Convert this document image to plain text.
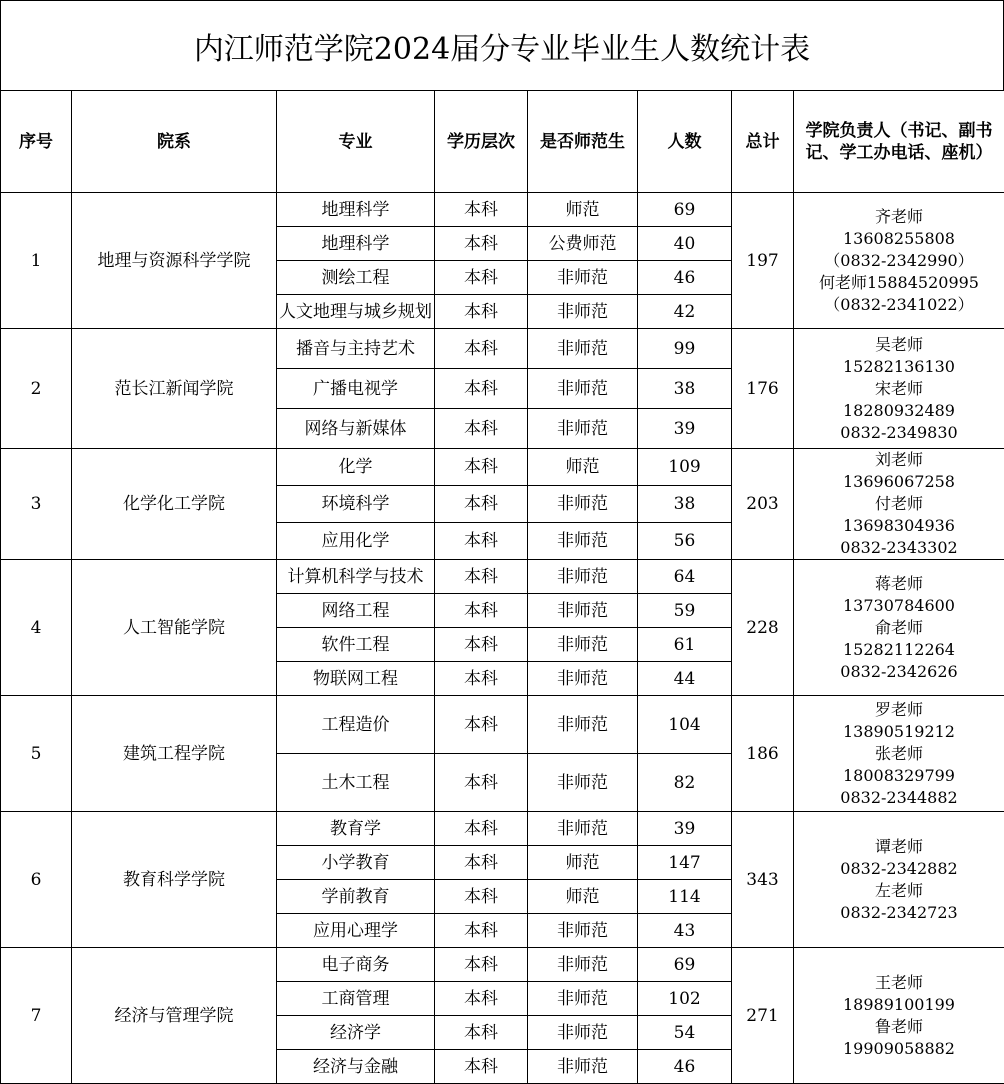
内江师范学院2024届分专业毕业生人数统计表
序号	院系	专业	学历层次	是否师范生	人数	总计	学院负责人（书记、副书记、学工办电话、座机）
1	地理与资源科学学院	地理科学	本科	师范	69	197	齐老师
13608255808
（0832-2342990）
何老师15884520995
（0832-2341022）

		地理科学	本科	公费师范	40		
		测绘工程	本科	非师范	46		
		人文地理与城乡规划	本科	非师范	42		
2	范长江新闻学院	播音与主持艺术	本科	非师范	99	176	吴老师
15282136130
宋老师
18280932489
0832-2349830

		广播电视学	本科	非师范	38		
		网络与新媒体	本科	非师范	39		
3	化学化工学院	化学	本科	师范	109	203	刘老师
13696067258
付老师
13698304936
0832-2343302

		环境科学	本科	非师范	38		
		应用化学	本科	非师范	56		
4	人工智能学院	计算机科学与技术	本科	非师范	64	228	蒋老师
13730784600
俞老师
15282112264
0832-2342626

		网络工程	本科	非师范	59		
		软件工程	本科	非师范	61		
		物联网工程	本科	非师范	44		
5	建筑工程学院	工程造价	本科	非师范	104	186	罗老师
13890519212
张老师
18008329799
0832-2344882

		土木工程	本科	非师范	82		
6	教育科学学院	教育学	本科	非师范	39	343	谭老师
0832-2342882
左老师
0832-2342723

		小学教育	本科	师范	147		
		学前教育	本科	师范	114		
		应用心理学	本科	非师范	43		
7	经济与管理学院	电子商务	本科	非师范	69	271	王老师
18989100199
鲁老师
19909058882

		工商管理	本科	非师范	102		
		经济学	本科	非师范	54		
		经济与金融	本科	非师范	46		
